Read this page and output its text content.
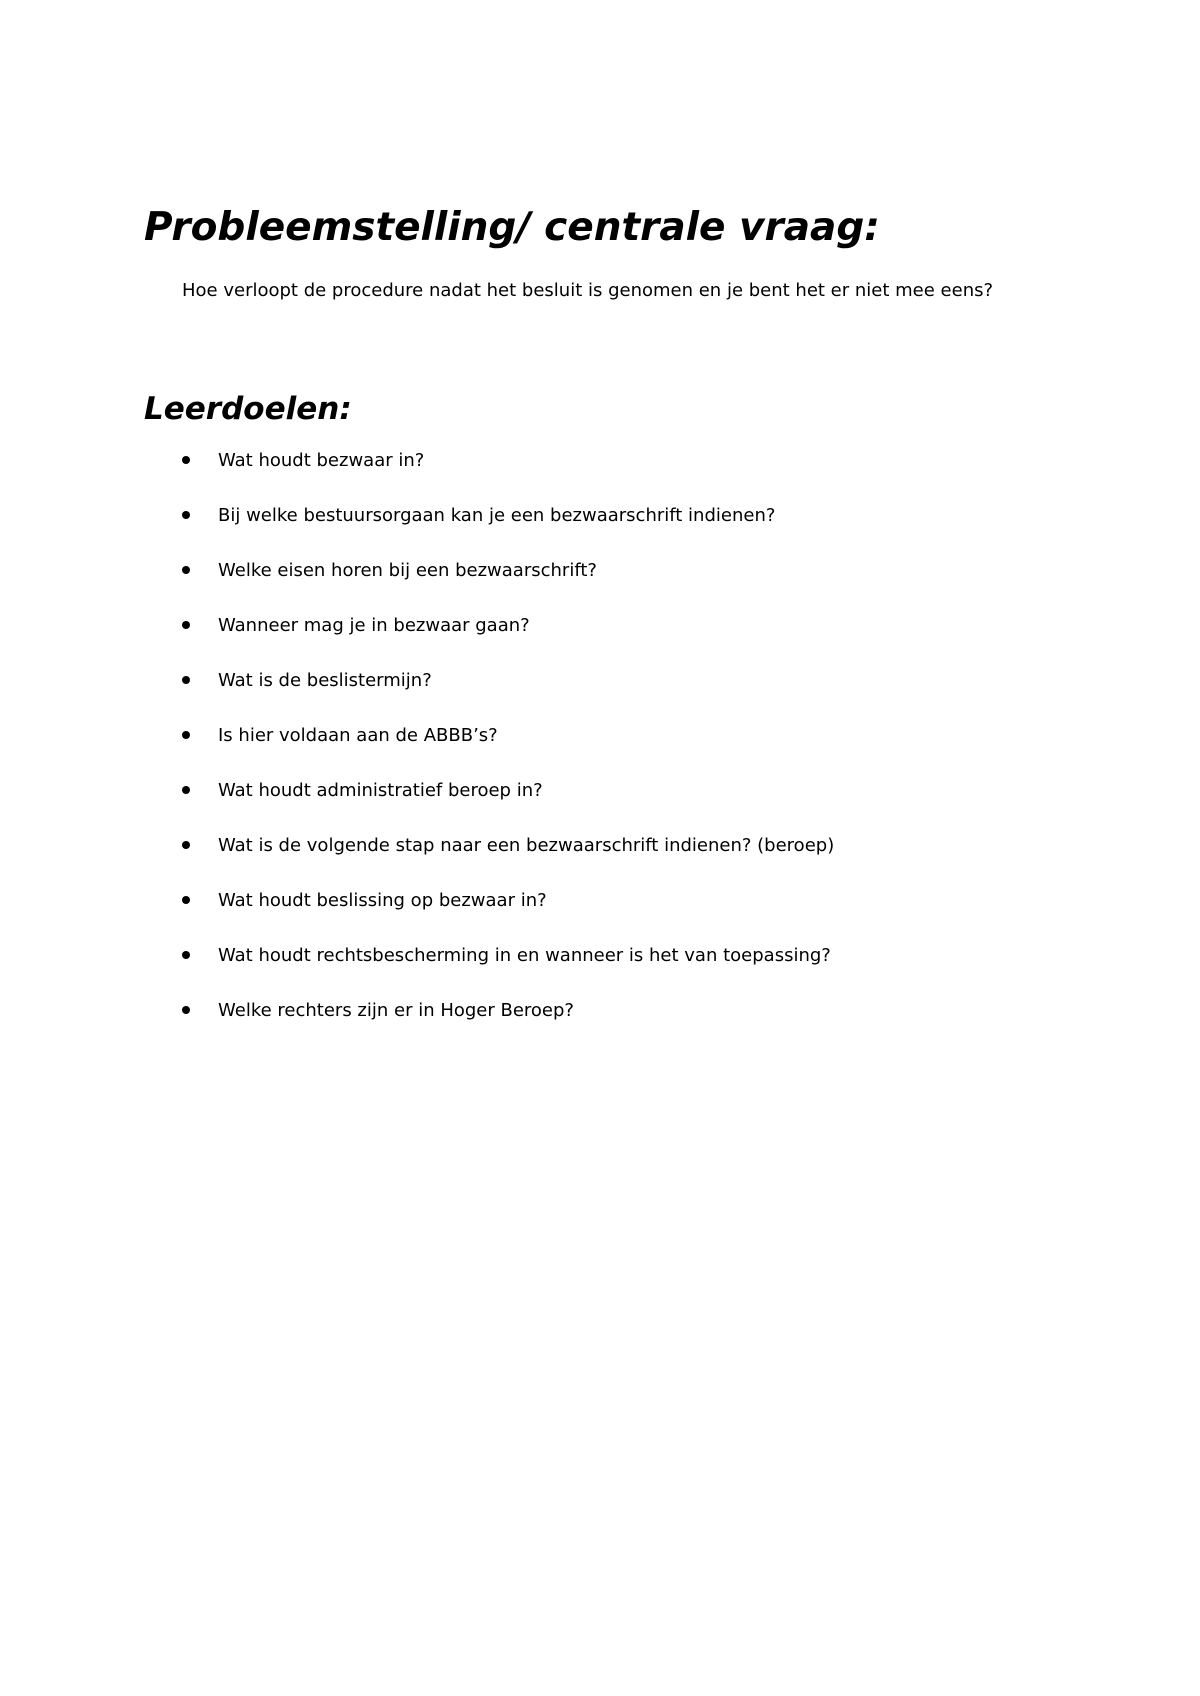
Probleemstelling/ centrale vraag:

Hoe verloopt de procedure nadat het besluit is genomen en je bent het er niet mee eens?

Leerdoelen:
Wat houdt bezwaar in?
Bij welke bestuursorgaan kan je een bezwaarschrift indienen?
Welke eisen horen bij een bezwaarschrift?
Wanneer mag je in bezwaar gaan?
Wat is de beslistermijn?
Is hier voldaan aan de ABBB’s?
Wat houdt administratief beroep in?
Wat is de volgende stap naar een bezwaarschrift indienen? (beroep)
Wat houdt beslissing op bezwaar in?
Wat houdt rechtsbescherming in en wanneer is het van toepassing?
Welke rechters zijn er in Hoger Beroep?
